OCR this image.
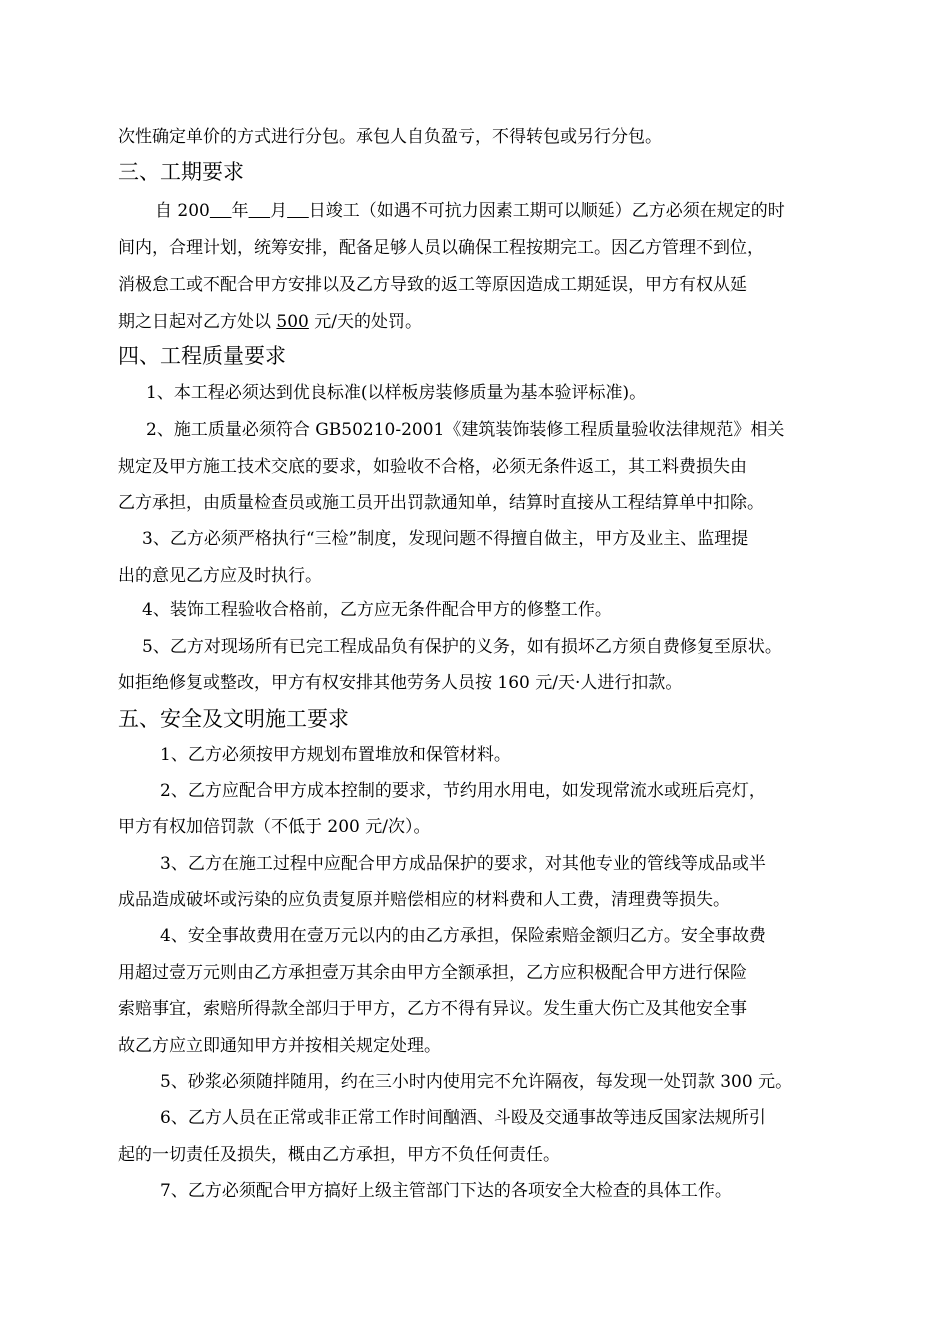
次性确定单价的方式进行分包。承包人自负盈亏，不得转包或另行分包。
三、工期要求
自 200   年   月   日竣工（如遇不可抗力因素工期可以顺延）乙方必须在规定的时
间内，合理计划，统筹安排，配备足够人员以确保工程按期完工。因乙方管理不到位，
消极怠工或不配合甲方安排以及乙方导致的返工等原因造成工期延误，甲方有权从延
期之日起对乙方处以 500 元/天的处罚。
四、工程质量要求
1、本工程必须达到优良标准(以样板房装修质量为基本验评标准)。
2、施工质量必须符合 GB50210-2001《建筑装饰装修工程质量验收法律规范》相关
规定及甲方施工技术交底的要求，如验收不合格，必须无条件返工，其工料费损失由
乙方承担，由质量检查员或施工员开出罚款通知单，结算时直接从工程结算单中扣除。
3、乙方必须严格执行“三检”制度，发现问题不得擅自做主，甲方及业主、监理提
出的意见乙方应及时执行。
4、装饰工程验收合格前，乙方应无条件配合甲方的修整工作。
5、乙方对现场所有已完工程成品负有保护的义务，如有损坏乙方须自费修复至原状。
如拒绝修复或整改，甲方有权安排其他劳务人员按 160 元/天·人进行扣款。
五、安全及文明施工要求
1、乙方必须按甲方规划布置堆放和保管材料。
2、乙方应配合甲方成本控制的要求，节约用水用电，如发现常流水或班后亮灯，
甲方有权加倍罚款（不低于 200 元/次）。
3、乙方在施工过程中应配合甲方成品保护的要求，对其他专业的管线等成品或半
成品造成破坏或污染的应负责复原并赔偿相应的材料费和人工费，清理费等损失。
4、安全事故费用在壹万元以内的由乙方承担，保险索赔金额归乙方。安全事故费
用超过壹万元则由乙方承担壹万其余由甲方全额承担，乙方应积极配合甲方进行保险
索赔事宜，索赔所得款全部归于甲方，乙方不得有异议。发生重大伤亡及其他安全事
故乙方应立即通知甲方并按相关规定处理。
5、砂浆必须随拌随用，约在三小时内使用完不允许隔夜，每发现一处罚款 300 元。
6、乙方人员在正常或非正常工作时间酗酒、斗殴及交通事故等违反国家法规所引
起的一切责任及损失，概由乙方承担，甲方不负任何责任。
7、乙方必须配合甲方搞好上级主管部门下达的各项安全大检查的具体工作。
